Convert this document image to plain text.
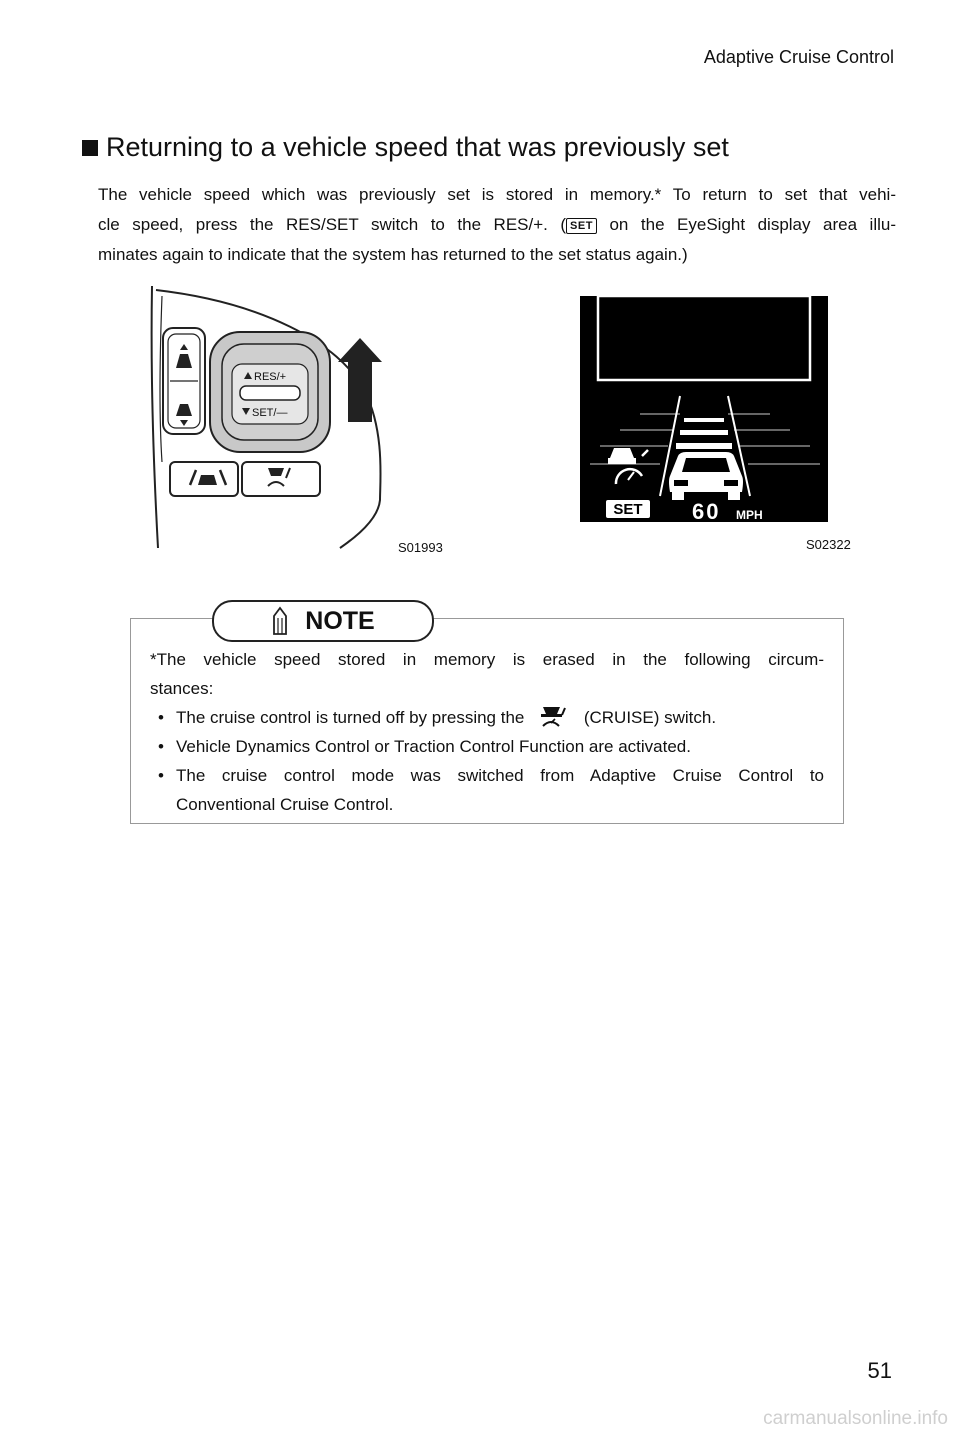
Adaptive Cruise Control
Returning to a vehicle speed that was previously set
The vehicle speed which was previously set is stored in memory.* To return to set that vehi-
cle speed, press the RES/SET switch to the RES/+. ( SET on the EyeSight display area illu-
minates again to indicate that the system has returned to the set status again.)
RES/+
SET/—
S01993
SET 60 MPH
S02322
NOTE
*The vehicle speed stored in memory is erased in the following circum-
stances:
• The cruise control is turned off by pressing the	(CRUISE) switch.
• Vehicle Dynamics Control or Traction Control Function are activated.
• The cruise control mode was switched from Adaptive Cruise Control to
Conventional Cruise Control.
51
carmanualsonline.info
